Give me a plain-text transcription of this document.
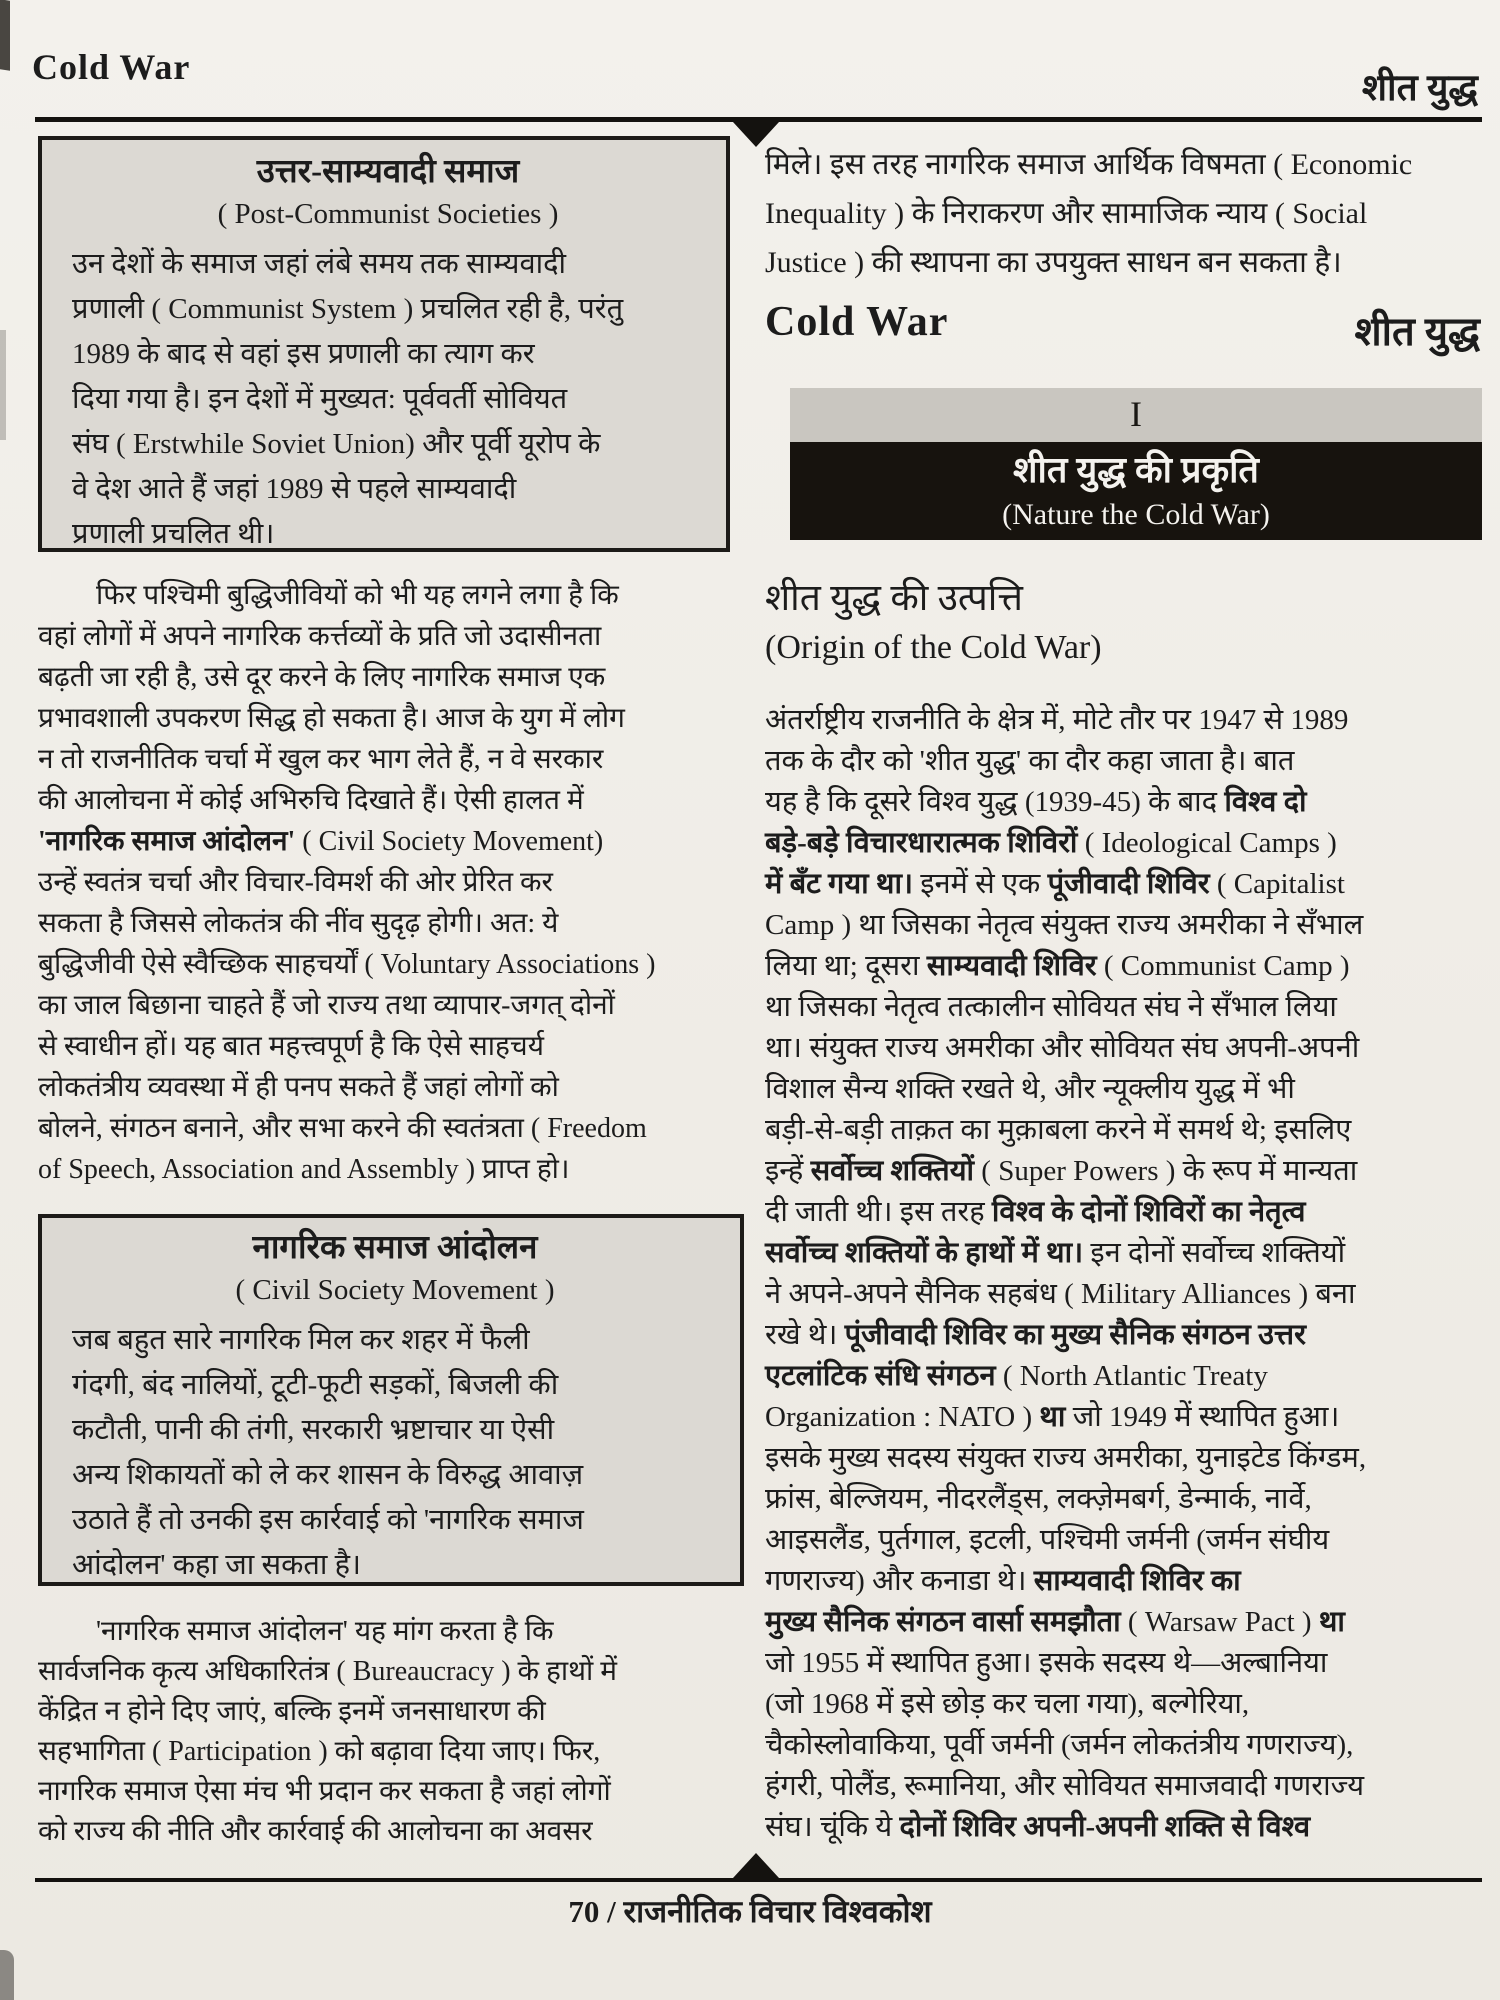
Cold War
शीत युद्ध
उत्तर-साम्यवादी समाज
( Post-Communist Societies )
उन देशों के समाज जहां लंबे समय तक साम्यवादी
प्रणाली ( Communist System ) प्रचलित रही है, परंतु
1989 के बाद से वहां इस प्रणाली का त्याग कर
दिया गया है। इन देशों में मुख्यत: पूर्ववर्ती सोवियत
संघ ( Erstwhile Soviet Union) और पूर्वी यूरोप के
वे देश आते हैं जहां 1989 से पहले साम्यवादी
प्रणाली प्रचलित थी।
फिर पश्चिमी बुद्धिजीवियों को भी यह लगने लगा है कि
वहां लोगों में अपने नागरिक कर्त्तव्यों के प्रति जो उदासीनता
बढ़ती जा रही है, उसे दूर करने के लिए नागरिक समाज एक
प्रभावशाली उपकरण सिद्ध हो सकता है। आज के युग में लोग
न तो राजनीतिक चर्चा में खुल कर भाग लेते हैं, न वे सरकार
की आलोचना में कोई अभिरुचि दिखाते हैं। ऐसी हालत में
'नागरिक समाज आंदोलन' ( Civil Society Movement)
उन्हें स्वतंत्र चर्चा और विचार-विमर्श की ओर प्रेरित कर
सकता है जिससे लोकतंत्र की नींव सुदृढ़ होगी। अत: ये
बुद्धिजीवी ऐसे स्वैच्छिक साहचर्यों ( Voluntary Associations )
का जाल बिछाना चाहते हैं जो राज्य तथा व्यापार-जगत् दोनों
से स्वाधीन हों। यह बात महत्त्वपूर्ण है कि ऐसे साहचर्य
लोकतंत्रीय व्यवस्था में ही पनप सकते हैं जहां लोगों को
बोलने, संगठन बनाने, और सभा करने की स्वतंत्रता ( Freedom
of Speech, Association and Assembly ) प्राप्त हो।
नागरिक समाज आंदोलन
( Civil Society Movement )
जब बहुत सारे नागरिक मिल कर शहर में फैली
गंदगी, बंद नालियों, टूटी-फूटी सड़कों, बिजली की
कटौती, पानी की तंगी, सरकारी भ्रष्टाचार या ऐसी
अन्य शिकायतों को ले कर शासन के विरुद्ध आवाज़
उठाते हैं तो उनकी इस कार्रवाई को 'नागरिक समाज
आंदोलन' कहा जा सकता है।
'नागरिक समाज आंदोलन' यह मांग करता है कि
सार्वजनिक कृत्य अधिकारितंत्र ( Bureaucracy ) के हाथों में
केंद्रित न होने दिए जाएं, बल्कि इनमें जनसाधारण की
सहभागिता ( Participation ) को बढ़ावा दिया जाए। फिर,
नागरिक समाज ऐसा मंच भी प्रदान कर सकता है जहां लोगों
को राज्य की नीति और कार्रवाई की आलोचना का अवसर
मिले। इस तरह नागरिक समाज आर्थिक विषमता ( Economic
Inequality ) के निराकरण और सामाजिक न्याय ( Social
Justice ) की स्थापना का उपयुक्त साधन बन सकता है।
Cold War	शीत युद्ध
I
शीत युद्ध की प्रकृति
(Nature the Cold War)
शीत युद्ध की उत्पत्ति
(Origin of the Cold War)
अंतर्राष्ट्रीय राजनीति के क्षेत्र में, मोटे तौर पर 1947 से 1989
तक के दौर को 'शीत युद्ध' का दौर कहा जाता है। बात
यह है कि दूसरे विश्व युद्ध (1939-45) के बाद विश्व दो
बड़े-बड़े विचारधारात्मक शिविरों ( Ideological Camps )
में बँट गया था। इनमें से एक पूंजीवादी शिविर ( Capitalist
Camp ) था जिसका नेतृत्व संयुक्त राज्य अमरीका ने सँभाल
लिया था; दूसरा साम्यवादी शिविर ( Communist Camp )
था जिसका नेतृत्व तत्कालीन सोवियत संघ ने सँभाल लिया
था। संयुक्त राज्य अमरीका और सोवियत संघ अपनी-अपनी
विशाल सैन्य शक्ति रखते थे, और न्यूक्लीय युद्ध में भी
बड़ी-से-बड़ी ताक़त का मुक़ाबला करने में समर्थ थे; इसलिए
इन्हें सर्वोच्च शक्तियों ( Super Powers ) के रूप में मान्यता
दी जाती थी। इस तरह विश्व के दोनों शिविरों का नेतृत्व
सर्वोच्च शक्तियों के हाथों में था। इन दोनों सर्वोच्च शक्तियों
ने अपने-अपने सैनिक सहबंध ( Military Alliances ) बना
रखे थे। पूंजीवादी शिविर का मुख्य सैनिक संगठन उत्तर
एटलांटिक संधि संगठन ( North Atlantic Treaty
Organization : NATO ) था जो 1949 में स्थापित हुआ।
इसके मुख्य सदस्य संयुक्त राज्य अमरीका, युनाइटेड किंग्डम,
फ्रांस, बेल्जियम, नीदरलैंड्स, लक्ज़ेमबर्ग, डेन्मार्क, नार्वे,
आइसलैंड, पुर्तगाल, इटली, पश्चिमी जर्मनी (जर्मन संघीय
गणराज्य) और कनाडा थे। साम्यवादी शिविर का
मुख्य सैनिक संगठन वार्सा समझौता ( Warsaw Pact ) था
जो 1955 में स्थापित हुआ। इसके सदस्य थे—अल्बानिया
(जो 1968 में इसे छोड़ कर चला गया), बल्गेरिया,
चैकोस्लोवाकिया, पूर्वी जर्मनी (जर्मन लोकतंत्रीय गणराज्य),
हंगरी, पोलैंड, रूमानिया, और सोवियत समाजवादी गणराज्य
संघ। चूंकि ये दोनों शिविर अपनी-अपनी शक्ति से विश्व
70 / राजनीतिक विचार विश्वकोश
